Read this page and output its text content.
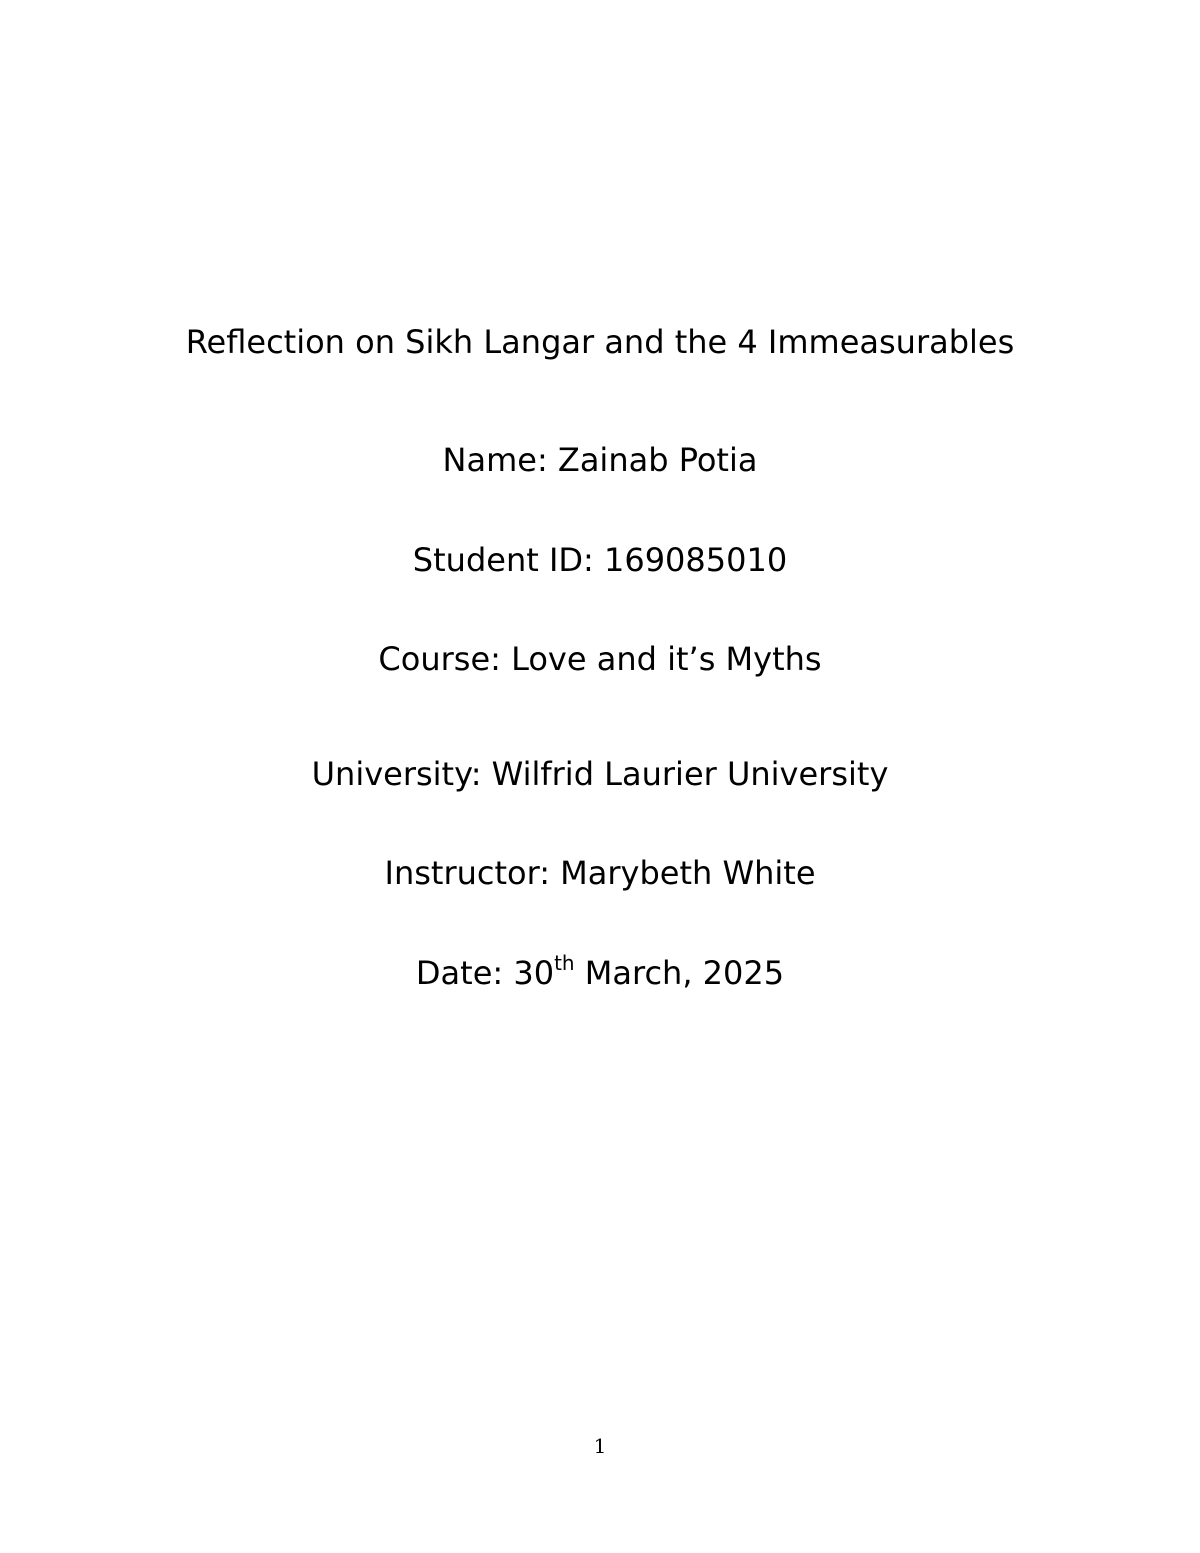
Reflection on Sikh Langar and the 4 Immeasurables
Name: Zainab Potia
Student ID: 169085010
Course: Love and it’s Myths
University: Wilfrid Laurier University
Instructor: Marybeth White
Date: 30th March, 2025
1
